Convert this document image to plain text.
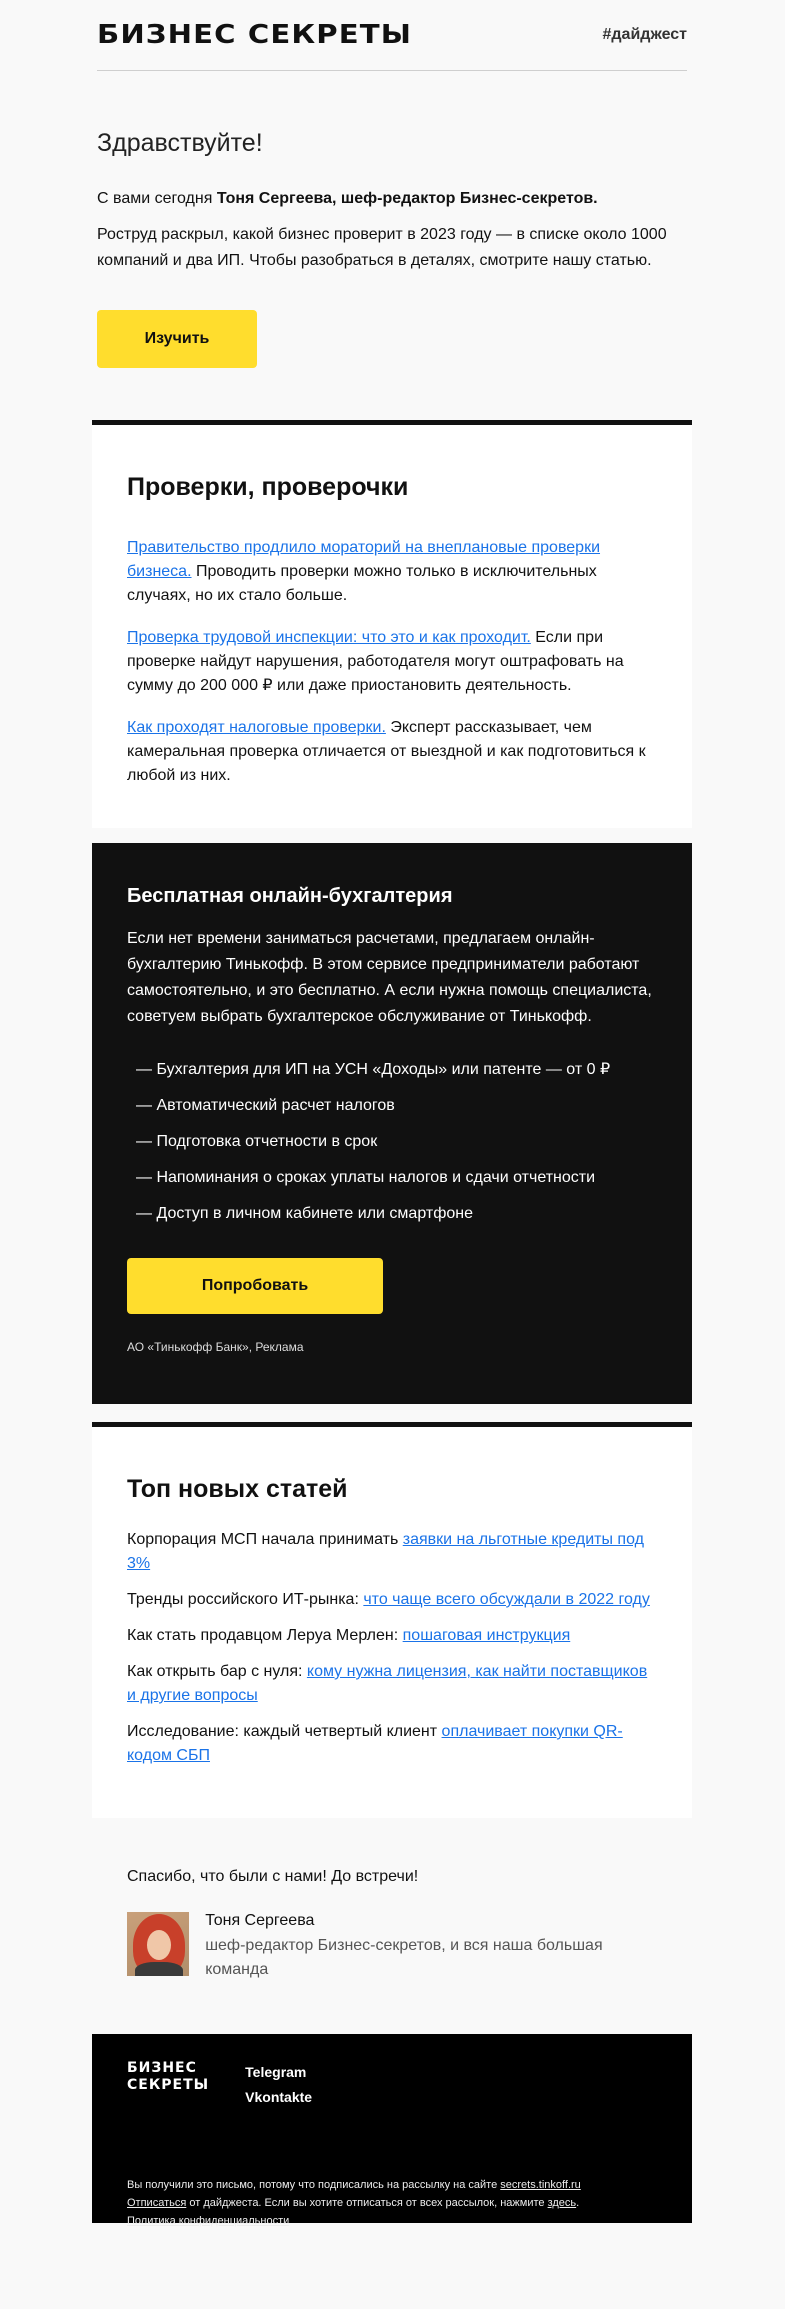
БИЗНЕС СЕКРЕТЫ	#дайджест
Здравствуйте!

С вами сегодня Тоня Сергеева, шеф-редактор Бизнес-секретов.

Роструд раскрыл, какой бизнес проверит в 2023 году — в списке около 1000 компаний и два ИП. Чтобы разобраться в деталях, смотрите нашу статью.

Изучить
Проверки, проверочки

Правительство продлило мораторий на внеплановые проверки бизнеса. Проводить проверки можно только в исключительных случаях, но их стало больше.

Проверка трудовой инспекции: что это и как проходит. Если при проверке найдут нарушения, работодателя могут оштрафовать на сумму до 200 000 ₽ или даже приостановить деятельность.

Как проходят налоговые проверки. Эксперт рассказывает, чем камеральная проверка отличается от выездной и как подготовиться к любой из них.

Бесплатная онлайн-бухгалтерия

Если нет времени заниматься расчетами, предлагаем онлайн-бухгалтерию Тинькофф. В этом сервисе предприниматели работают самостоятельно, и это бесплатно. А если нужна помощь специалиста, советуем выбрать бухгалтерское обслуживание от Тинькофф.

— Бухгалтерия для ИП на УСН «Доходы» или патенте — от 0 ₽
— Автоматический расчет налогов
— Подготовка отчетности в срок
— Напоминания о сроках уплаты налогов и сдачи отчетности
— Доступ в личном кабинете или смартфоне
Попробовать
АО «Тинькофф Банк», Реклама
Топ новых статей

Корпорация МСП начала принимать заявки на льготные кредиты под 3%

Тренды российского ИТ-рынка: что чаще всего обсуждали в 2022 году

Как стать продавцом Леруа Мерлен: пошаговая инструкция

Как открыть бар с нуля: кому нужна лицензия, как найти поставщиков и другие вопросы

Исследование: каждый четвертый клиент оплачивает покупки QR-кодом СБП

Спасибо, что были с нами! До встречи!

Тоня Сергеева
шеф-редактор Бизнес-секретов, и вся наша большая команда
БИЗНЕС
СЕКРЕТЫ
Telegram
Vkontakte
Вы получили это письмо, потому что подписались на рассылку на сайте secrets.tinkoff.ru
Отписаться от дайджеста. Если вы хотите отписаться от всех рассылок, нажмите здесь.
Политика конфиденциальности
